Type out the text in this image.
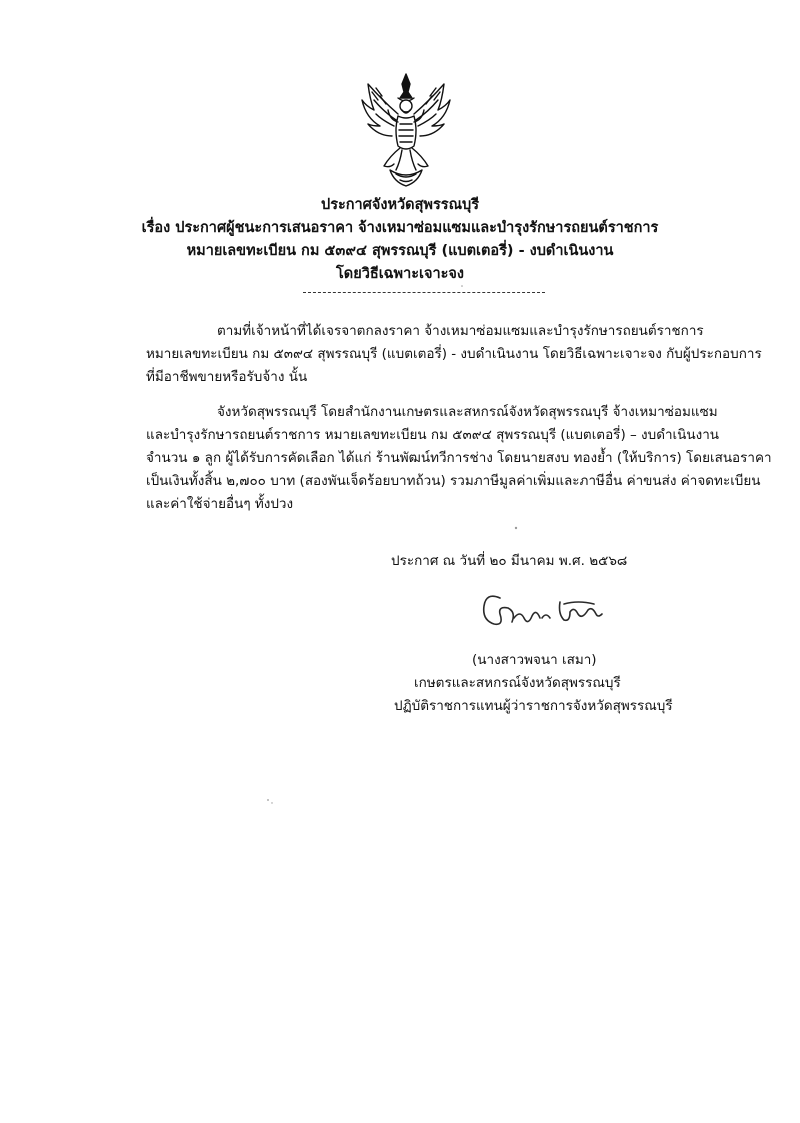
ประกาศจังหวัดสุพรรณบุรี
เรื่อง ประกาศผู้ชนะการเสนอราคา จ้างเหมาซ่อมแซมและบำรุงรักษารถยนต์ราชการ
หมายเลขทะเบียน กม ๕๓๙๔ สุพรรณบุรี (แบตเตอรี่) - งบดำเนินงาน
โดยวิธีเฉพาะเจาะจง
ตามที่เจ้าหน้าที่ได้เจรจาตกลงราคา จ้างเหมาซ่อมแซมและบำรุงรักษารถยนต์ราชการ
หมายเลขทะเบียน กม ๕๓๙๔ สุพรรณบุรี (แบตเตอรี่) - งบดำเนินงาน โดยวิธีเฉพาะเจาะจง กับผู้ประกอบการ
ที่มีอาชีพขายหรือรับจ้าง นั้น
จังหวัดสุพรรณบุรี โดยสำนักงานเกษตรและสหกรณ์จังหวัดสุพรรณบุรี จ้างเหมาซ่อมแซม
และบำรุงรักษารถยนต์ราชการ หมายเลขทะเบียน กม ๕๓๙๔ สุพรรณบุรี (แบตเตอรี่) – งบดำเนินงาน
จำนวน ๑ ลูก ผู้ได้รับการคัดเลือก ได้แก่ ร้านพัฒน์ทวีการช่าง โดยนายสงบ ทองย้ำ (ให้บริการ) โดยเสนอราคา
เป็นเงินทั้งสิ้น ๒,๗๐๐ บาท (สองพันเจ็ดร้อยบาทถ้วน) รวมภาษีมูลค่าเพิ่มและภาษีอื่น ค่าขนส่ง ค่าจดทะเบียน
และค่าใช้จ่ายอื่นๆ ทั้งปวง
ประกาศ ณ วันที่ ๒๐ มีนาคม พ.ศ. ๒๕๖๘
(นางสาวพจนา เสมา)
เกษตรและสหกรณ์จังหวัดสุพรรณบุรี
ปฏิบัติราชการแทนผู้ว่าราชการจังหวัดสุพรรณบุรี
